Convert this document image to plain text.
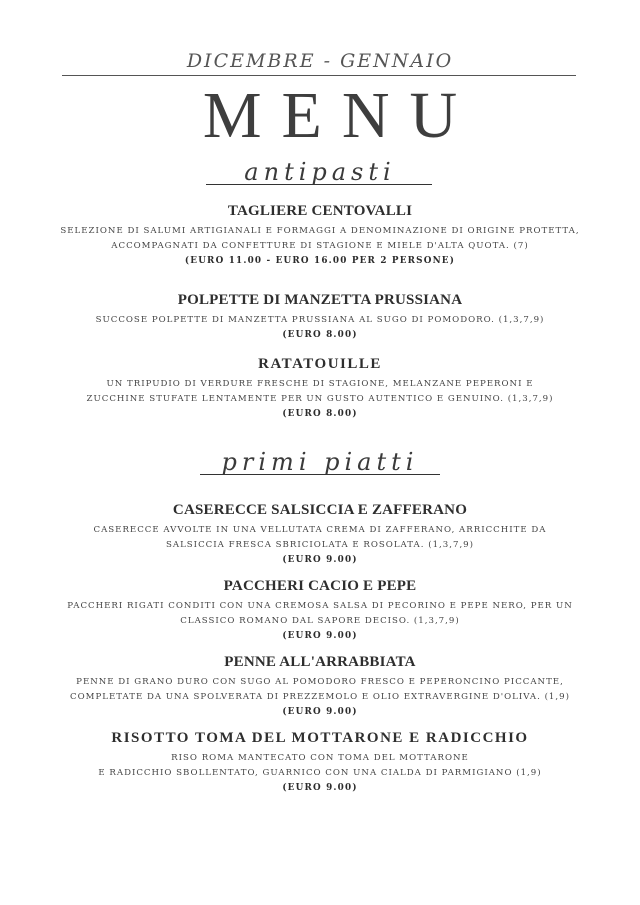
DICEMBRE - GENNAIO
MENU
antipasti
TAGLIERE CENTOVALLI
SELEZIONE DI SALUMI ARTIGIANALI E FORMAGGI A DENOMINAZIONE DI ORIGINE PROTETTA,
ACCOMPAGNATI DA CONFETTURE DI STAGIONE E MIELE D'ALTA QUOTA. (7)
(EURO 11.00 - EURO 16.00 PER 2 PERSONE)
POLPETTE DI MANZETTA PRUSSIANA
SUCCOSE POLPETTE DI MANZETTA PRUSSIANA AL SUGO DI POMODORO. (1,3,7,9)
(EURO 8.00)
RATATOUILLE
UN TRIPUDIO DI VERDURE FRESCHE DI STAGIONE, MELANZANE PEPERONI E
ZUCCHINE STUFATE LENTAMENTE PER UN GUSTO AUTENTICO E GENUINO. (1,3,7,9)
(EURO 8.00)
primi piatti
CASERECCE SALSICCIA E ZAFFERANO
CASERECCE AVVOLTE IN UNA VELLUTATA CREMA DI ZAFFERANO, ARRICCHITE DA
SALSICCIA FRESCA SBRICIOLATA E ROSOLATA. (1,3,7,9)
(EURO 9.00)
PACCHERI CACIO E PEPE
PACCHERI RIGATI CONDITI CON UNA CREMOSA SALSA DI PECORINO E PEPE NERO, PER UN
CLASSICO ROMANO DAL SAPORE DECISO. (1,3,7,9)
(EURO 9.00)
PENNE ALL'ARRABBIATA
PENNE DI GRANO DURO CON SUGO AL POMODORO FRESCO E PEPERONCINO PICCANTE,
COMPLETATE DA UNA SPOLVERATA DI PREZZEMOLO E OLIO EXTRAVERGINE D'OLIVA. (1,9)
(EURO 9.00)
RISOTTO TOMA DEL MOTTARONE E RADICCHIO
RISO ROMA MANTECATO CON TOMA DEL MOTTARONE
E RADICCHIO SBOLLENTATO, GUARNICO CON UNA CIALDA DI PARMIGIANO (1,9)
(EURO 9.00)
